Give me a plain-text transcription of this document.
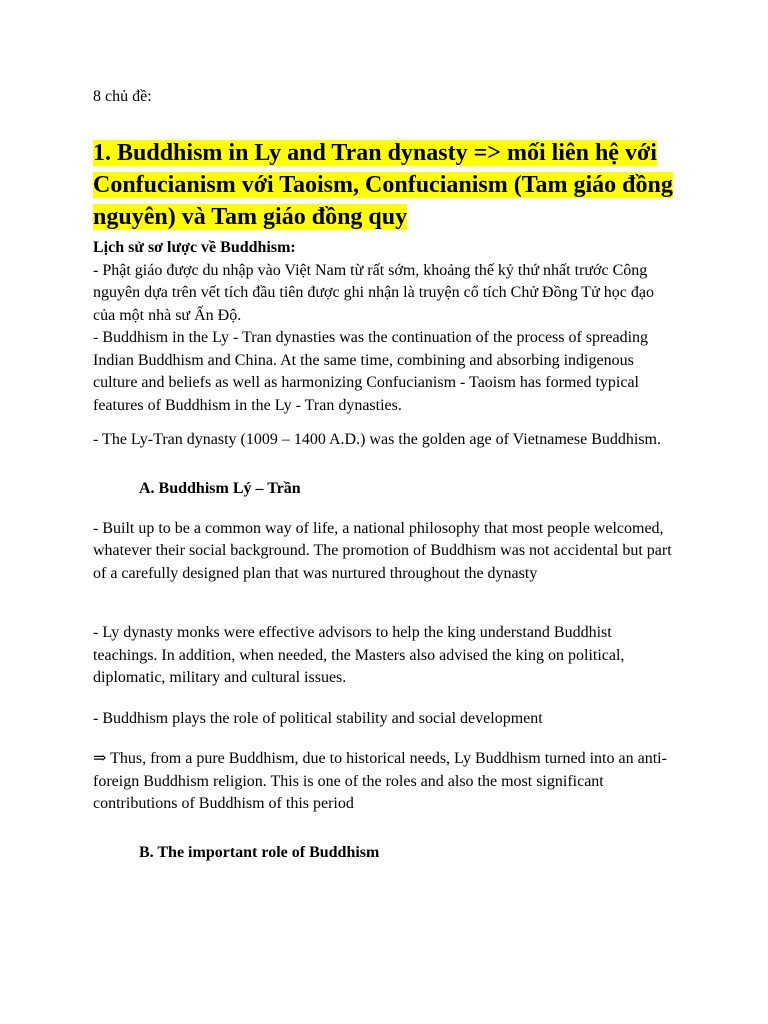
8 chủ đề:

1. Buddhism in Ly and Tran dynasty => mối liên hệ với Confucianism với Taoism, Confucianism (Tam giáo đồng nguyên) và Tam giáo đồng quy

Lịch sử sơ lược về Buddhism:

- Phật giáo được du nhập vào Việt Nam từ rất sớm, khoảng thế kỷ thứ nhất trước Công nguyên dựa trên vết tích đầu tiên được ghi nhận là truyện cổ tích Chử Đồng Tử học đạo của một nhà sư Ấn Độ.

- Buddhism in the Ly - Tran dynasties was the continuation of the process of spreading Indian Buddhism and China. At the same time, combining and absorbing indigenous culture and beliefs as well as harmonizing Confucianism - Taoism has formed typical features of Buddhism in the Ly - Tran dynasties.

- The Ly-Tran dynasty (1009 – 1400 A.D.) was the golden age of Vietnamese Buddhism.

A. Buddhism Lý – Trần

- Built up to be a common way of life, a national philosophy that most people welcomed, whatever their social background. The promotion of Buddhism was not accidental but part of a carefully designed plan that was nurtured throughout the dynasty

- Ly dynasty monks were effective advisors to help the king understand Buddhist teachings. In addition, when needed, the Masters also advised the king on political, diplomatic, military and cultural issues.

- Buddhism plays the role of political stability and social development

⇒ Thus, from a pure Buddhism, due to historical needs, Ly Buddhism turned into an anti-foreign Buddhism religion. This is one of the roles and also the most significant contributions of Buddhism of this period

B. The important role of Buddhism
